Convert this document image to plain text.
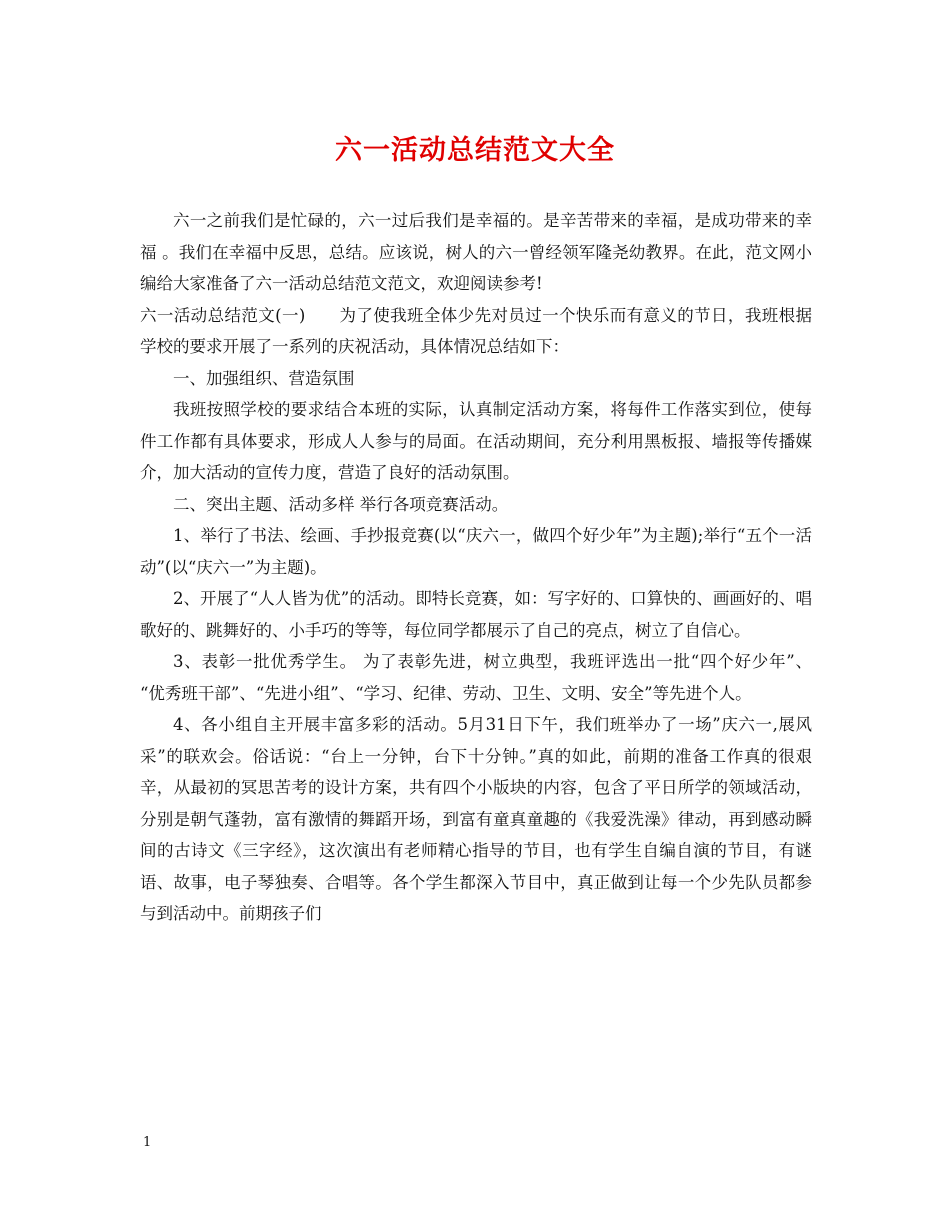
六一活动总结范文大全

六一之前我们是忙碌的，六一过后我们是幸福的。是辛苦带来的幸福，是成功带来的幸福 。我们在幸福中反思，总结。应该说，树人的六一曾经领军隆尧幼教界。在此，范文网小编给大家准备了六一活动总结范文范文，欢迎阅读参考!

六一活动总结范文(一)　　为了使我班全体少先对员过一个快乐而有意义的节日，我班根据学校的要求开展了一系列的庆祝活动，具体情况总结如下：

一、加强组织、营造氛围

我班按照学校的要求结合本班的实际，认真制定活动方案，将每件工作落实到位，使每件工作都有具体要求，形成人人参与的局面。在活动期间，充分利用黑板报、墙报等传播媒介，加大活动的宣传力度，营造了良好的活动氛围。

二、突出主题、活动多样 举行各项竞赛活动。

1、举行了书法、绘画、手抄报竞赛(以“庆六一，做四个好少年”为主题);举行“五个一活动”(以“庆六一”为主题)。

2、开展了“人人皆为优”的活动。即特长竞赛，如：写字好的、口算快的、画画好的、唱歌好的、跳舞好的、小手巧的等等，每位同学都展示了自己的亮点，树立了自信心。

3、表彰一批优秀学生。 为了表彰先进，树立典型，我班评选出一批“四个好少年”、 “优秀班干部”、“先进小组”、“学习、纪律、劳动、卫生、文明、安全”等先进个人。

4、各小组自主开展丰富多彩的活动。5月31日下午，我们班举办了一场”庆六一,展风采”的联欢会。俗话说：“台上一分钟，台下十分钟。”真的如此，前期的准备工作真的很艰辛，从最初的冥思苦考的设计方案，共有四个小版块的内容，包含了平日所学的领域活动，分别是朝气蓬勃，富有激情的舞蹈开场，到富有童真童趣的《我爱洗澡》律动，再到感动瞬间的古诗文《三字经》，这次演出有老师精心指导的节目，也有学生自编自演的节目，有谜语、故事，电子琴独奏、合唱等。各个学生都深入节目中，真正做到让每一个少先队员都参与到活动中。前期孩子们

1
